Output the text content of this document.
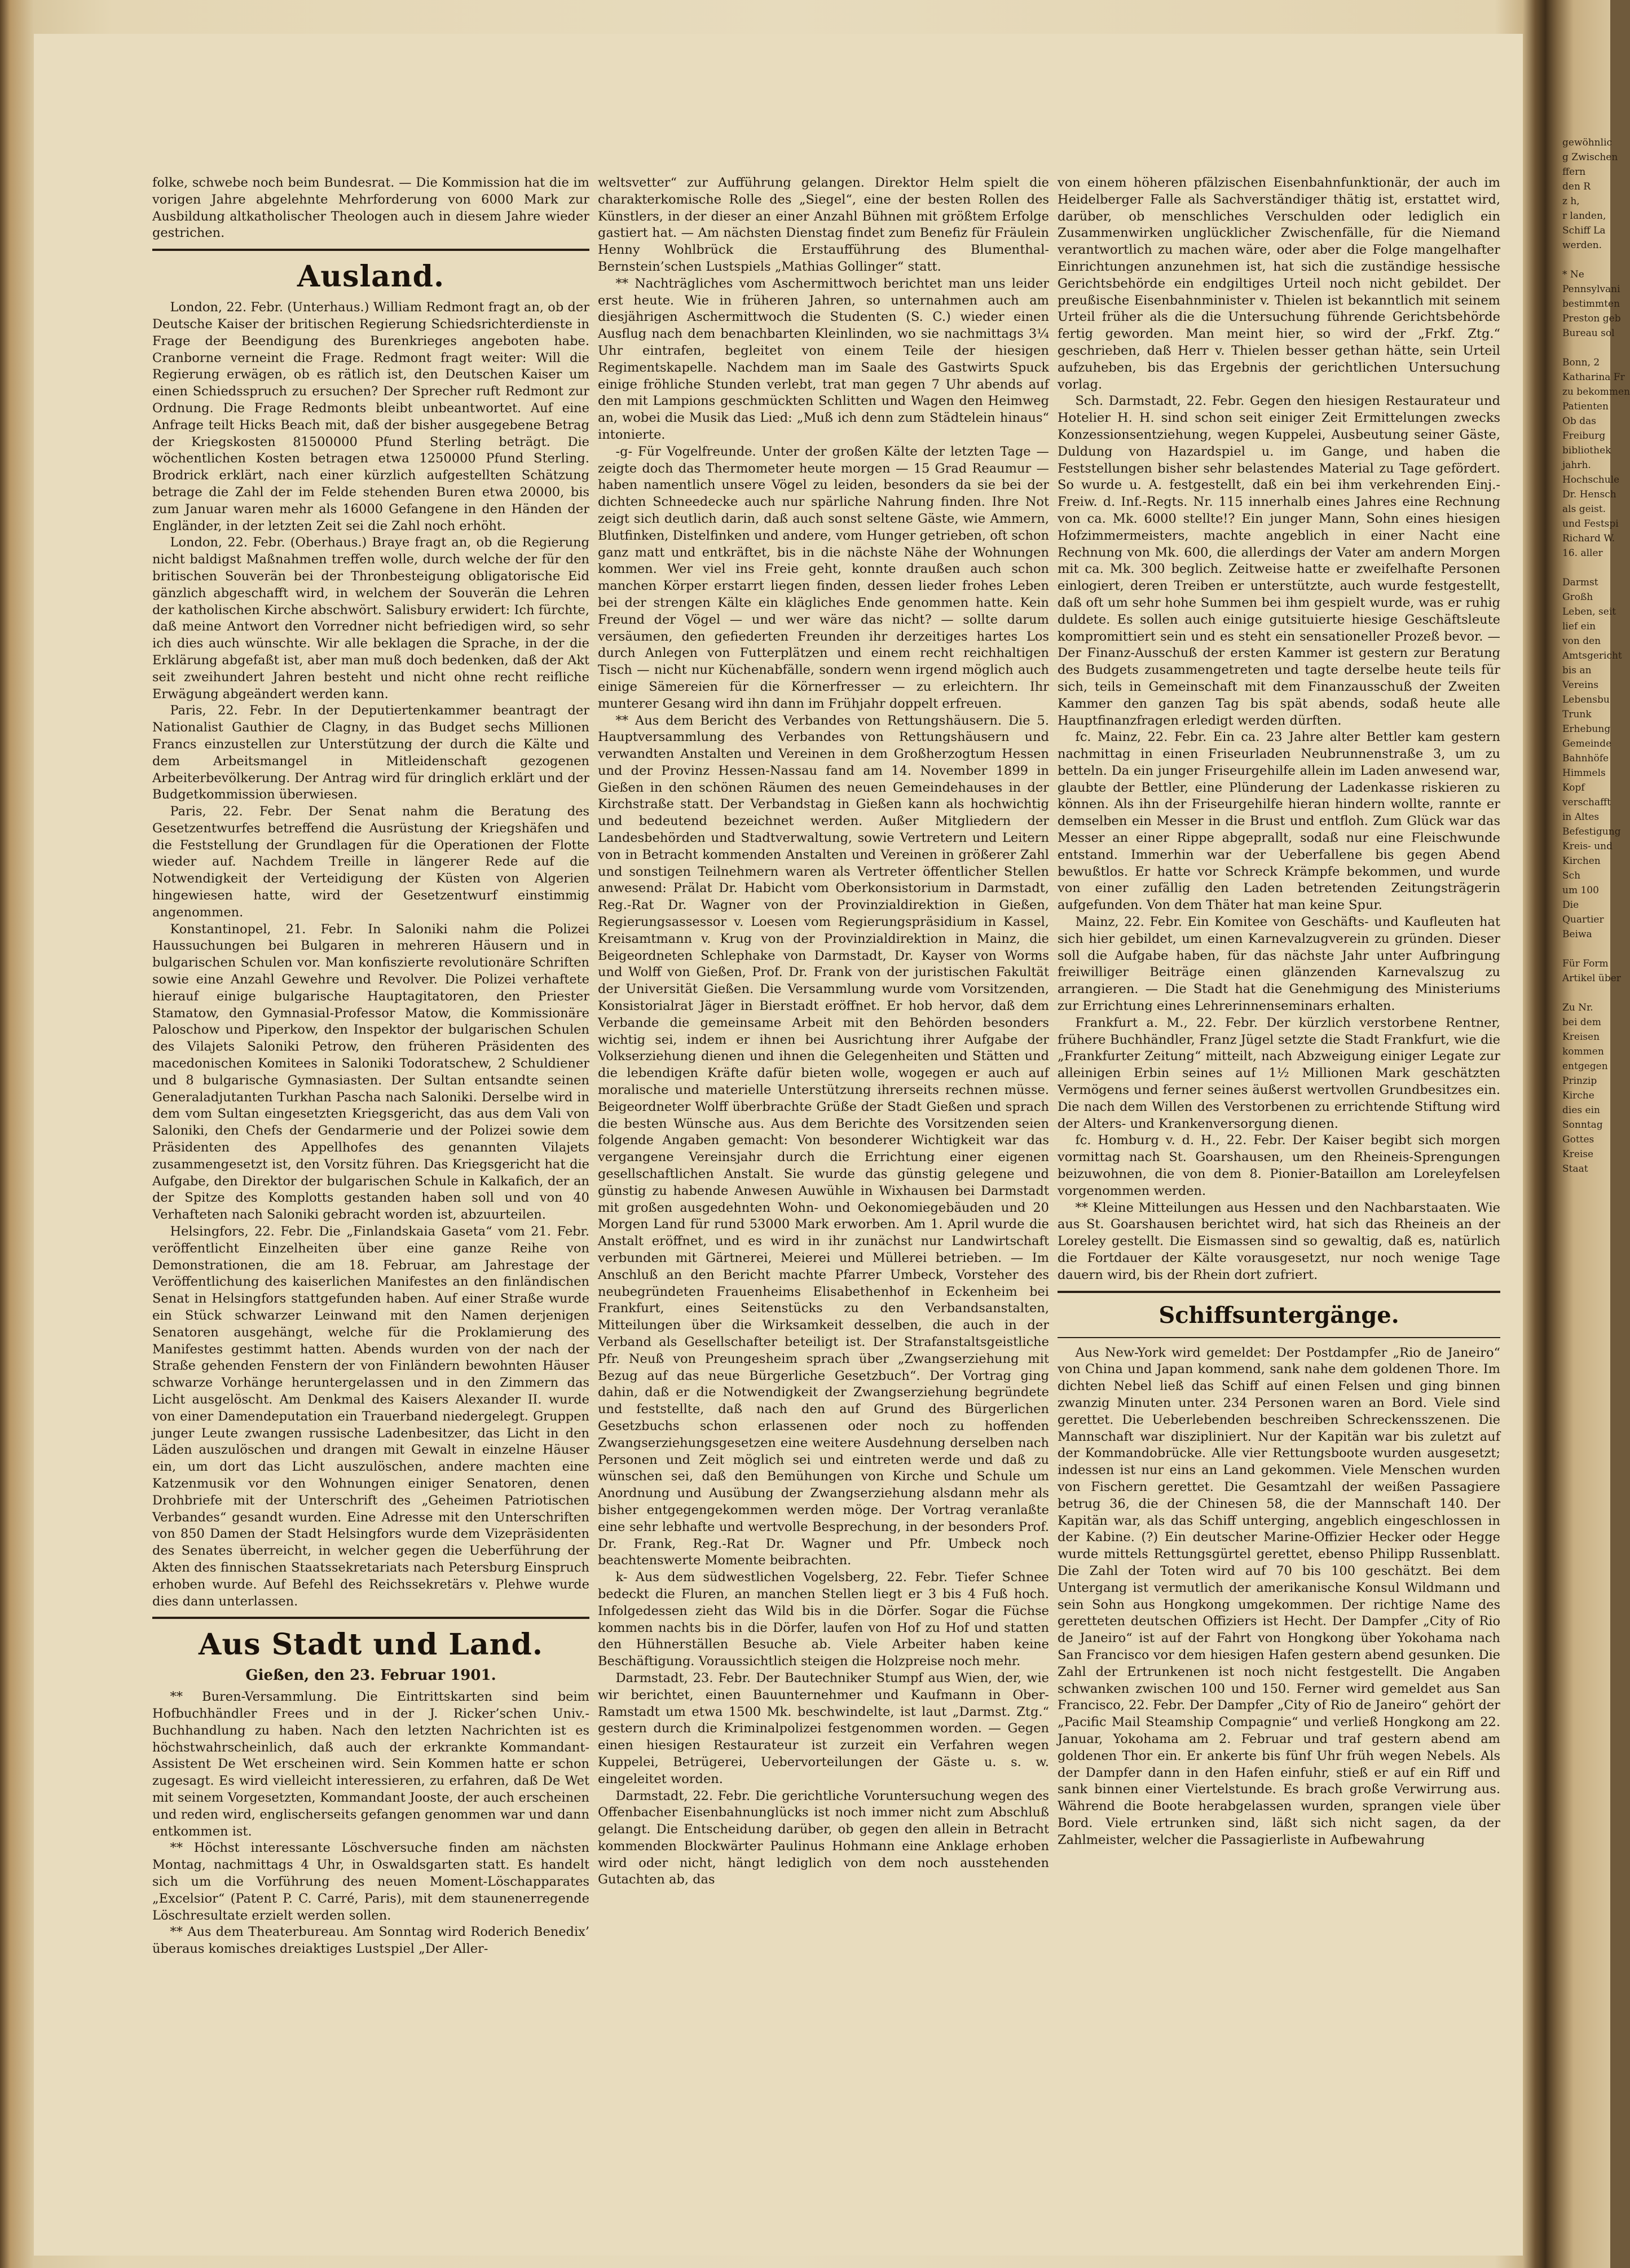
folke, schwebe noch beim Bundesrat. — Die Kommission hat die im vorigen Jahre abgelehnte Mehrforderung von 6000 Mark zur Ausbildung altkatholischer Theologen auch in diesem Jahre wieder gestrichen.

Ausland.

London, 22. Febr. (Unterhaus.) William Redmont fragt an, ob der Deutsche Kaiser der britischen Regierung Schiedsrichterdienste in Frage der Beendigung des Burenkrieges angeboten habe. Cranborne verneint die Frage. Redmont fragt weiter: Will die Regierung erwägen, ob es rätlich ist, den Deutschen Kaiser um einen Schiedsspruch zu ersuchen? Der Sprecher ruft Redmont zur Ordnung. Die Frage Redmonts bleibt unbeantwortet. Auf eine Anfrage teilt Hicks Beach mit, daß der bisher ausgegebene Betrag der Kriegskosten 81500000 Pfund Sterling beträgt. Die wöchentlichen Kosten betragen etwa 1250000 Pfund Sterling. Brodrick erklärt, nach einer kürzlich aufgestellten Schätzung betrage die Zahl der im Felde stehenden Buren etwa 20000, bis zum Januar waren mehr als 16000 Gefangene in den Händen der Engländer, in der letzten Zeit sei die Zahl noch erhöht.

London, 22. Febr. (Oberhaus.) Braye fragt an, ob die Regierung nicht baldigst Maßnahmen treffen wolle, durch welche der für den britischen Souverän bei der Thronbesteigung obligatorische Eid gänzlich abgeschafft wird, in welchem der Souverän die Lehren der katholischen Kirche abschwört. Salisbury erwidert: Ich fürchte, daß meine Antwort den Vorredner nicht befriedigen wird, so sehr ich dies auch wünschte. Wir alle beklagen die Sprache, in der die Erklärung abgefaßt ist, aber man muß doch bedenken, daß der Akt seit zweihundert Jahren besteht und nicht ohne recht reifliche Erwägung abgeändert werden kann.

Paris, 22. Febr. In der Deputiertenkammer beantragt der Nationalist Gauthier de Clagny, in das Budget sechs Millionen Francs einzustellen zur Unterstützung der durch die Kälte und dem Arbeitsmangel in Mitleidenschaft gezogenen Arbeiterbevölkerung. Der Antrag wird für dringlich erklärt und der Budgetkommission überwiesen.

Paris, 22. Febr. Der Senat nahm die Beratung des Gesetzentwurfes betreffend die Ausrüstung der Kriegshäfen und die Feststellung der Grundlagen für die Operationen der Flotte wieder auf. Nachdem Treille in längerer Rede auf die Notwendigkeit der Verteidigung der Küsten von Algerien hingewiesen hatte, wird der Gesetzentwurf einstimmig angenommen.

Konstantinopel, 21. Febr. In Saloniki nahm die Polizei Haussuchungen bei Bulgaren in mehreren Häusern und in bulgarischen Schulen vor. Man konfiszierte revolutionäre Schriften sowie eine Anzahl Gewehre und Revolver. Die Polizei verhaftete hierauf einige bulgarische Hauptagitatoren, den Priester Stamatow, den Gymnasial-Professor Matow, die Kommissionäre Paloschow und Piperkow, den Inspektor der bulgarischen Schulen des Vilajets Saloniki Petrow, den früheren Präsidenten des macedonischen Komitees in Saloniki Todoratschew, 2 Schuldiener und 8 bulgarische Gymnasiasten. Der Sultan entsandte seinen Generaladjutanten Turkhan Pascha nach Saloniki. Derselbe wird in dem vom Sultan eingesetzten Kriegsgericht, das aus dem Vali von Saloniki, den Chefs der Gendarmerie und der Polizei sowie dem Präsidenten des Appellhofes des genannten Vilajets zusammengesetzt ist, den Vorsitz führen. Das Kriegsgericht hat die Aufgabe, den Direktor der bulgarischen Schule in Kalkafich, der an der Spitze des Komplotts gestanden haben soll und von 40 Verhafteten nach Saloniki gebracht worden ist, abzuurteilen.

Helsingfors, 22. Febr. Die „Finlandskaia Gaseta“ vom 21. Febr. veröffentlicht Einzelheiten über eine ganze Reihe von Demonstrationen, die am 18. Februar, am Jahrestage der Veröffentlichung des kaiserlichen Manifestes an den finländischen Senat in Helsingfors stattgefunden haben. Auf einer Straße wurde ein Stück schwarzer Leinwand mit den Namen derjenigen Senatoren ausgehängt, welche für die Proklamierung des Manifestes gestimmt hatten. Abends wurden von der nach der Straße gehenden Fenstern der von Finländern bewohnten Häuser schwarze Vorhänge heruntergelassen und in den Zimmern das Licht ausgelöscht. Am Denkmal des Kaisers Alexander II. wurde von einer Damendeputation ein Trauerband niedergelegt. Gruppen junger Leute zwangen russische Ladenbesitzer, das Licht in den Läden auszulöschen und drangen mit Gewalt in einzelne Häuser ein, um dort das Licht auszulöschen, andere machten eine Katzenmusik vor den Wohnungen einiger Senatoren, denen Drohbriefe mit der Unterschrift des „Geheimen Patriotischen Verbandes“ gesandt wurden. Eine Adresse mit den Unterschriften von 850 Damen der Stadt Helsingfors wurde dem Vizepräsidenten des Senates überreicht, in welcher gegen die Ueberführung der Akten des finnischen Staatssekretariats nach Petersburg Einspruch erhoben wurde. Auf Befehl des Reichssekretärs v. Plehwe wurde dies dann unterlassen.

Aus Stadt und Land.
Gießen, den 23. Februar 1901.

** Buren-Versammlung. Die Eintrittskarten sind beim Hofbuchhändler Frees und in der J. Ricker’schen Univ.-Buchhandlung zu haben. Nach den letzten Nachrichten ist es höchstwahrscheinlich, daß auch der erkrankte Kommandant-Assistent De Wet erscheinen wird. Sein Kommen hatte er schon zugesagt. Es wird vielleicht interessieren, zu erfahren, daß De Wet mit seinem Vorgesetzten, Kommandant Jooste, der auch erscheinen und reden wird, englischerseits gefangen genommen war und dann entkommen ist.

** Höchst interessante Löschversuche finden am nächsten Montag, nachmittags 4 Uhr, in Oswaldsgarten statt. Es handelt sich um die Vorführung des neuen Moment-Löschapparates „Excelsior“ (Patent P. C. Carré, Paris), mit dem staunenerregende Löschresultate erzielt werden sollen.

** Aus dem Theaterbureau. Am Sonntag wird Roderich Benedix’ überaus komisches dreiaktiges Lustspiel „Der Aller-

weltsvetter“ zur Aufführung gelangen. Direktor Helm spielt die charakterkomische Rolle des „Siegel“, eine der besten Rollen des Künstlers, in der dieser an einer Anzahl Bühnen mit größtem Erfolge gastiert hat. — Am nächsten Dienstag findet zum Benefiz für Fräulein Henny Wohlbrück die Erstaufführung des Blumenthal-Bernstein’schen Lustspiels „Mathias Gollinger“ statt.

** Nachträgliches vom Aschermittwoch berichtet man uns leider erst heute. Wie in früheren Jahren, so unternahmen auch am diesjährigen Aschermittwoch die Studenten (S. C.) wieder einen Ausflug nach dem benachbarten Kleinlinden, wo sie nachmittags 3¼ Uhr eintrafen, begleitet von einem Teile der hiesigen Regimentskapelle. Nachdem man im Saale des Gastwirts Spuck einige fröhliche Stunden verlebt, trat man gegen 7 Uhr abends auf den mit Lampions geschmückten Schlitten und Wagen den Heimweg an, wobei die Musik das Lied: „Muß ich denn zum Städtelein hinaus“ intonierte.

-g- Für Vogelfreunde. Unter der großen Kälte der letzten Tage — zeigte doch das Thermometer heute morgen — 15 Grad Reaumur — haben namentlich unsere Vögel zu leiden, besonders da sie bei der dichten Schneedecke auch nur spärliche Nahrung finden. Ihre Not zeigt sich deutlich darin, daß auch sonst seltene Gäste, wie Ammern, Blutfinken, Distelfinken und andere, vom Hunger getrieben, oft schon ganz matt und entkräftet, bis in die nächste Nähe der Wohnungen kommen. Wer viel ins Freie geht, konnte draußen auch schon manchen Körper erstarrt liegen finden, dessen lieder frohes Leben bei der strengen Kälte ein klägliches Ende genommen hatte. Kein Freund der Vögel — und wer wäre das nicht? — sollte darum versäumen, den gefiederten Freunden ihr derzeitiges hartes Los durch Anlegen von Futterplätzen und einem recht reichhaltigen Tisch — nicht nur Küchenabfälle, sondern wenn irgend möglich auch einige Sämereien für die Körnerfresser — zu erleichtern. Ihr munterer Gesang wird ihn dann im Frühjahr doppelt erfreuen.

** Aus dem Bericht des Verbandes von Rettungshäusern. Die 5. Hauptversammlung des Verbandes von Rettungshäusern und verwandten Anstalten und Vereinen in dem Großherzogtum Hessen und der Provinz Hessen-Nassau fand am 14. November 1899 in Gießen in den schönen Räumen des neuen Gemeindehauses in der Kirchstraße statt. Der Verbandstag in Gießen kann als hochwichtig und bedeutend bezeichnet werden. Außer Mitgliedern der Landesbehörden und Stadtverwaltung, sowie Vertretern und Leitern von in Betracht kommenden Anstalten und Vereinen in größerer Zahl und sonstigen Teilnehmern waren als Vertreter öffentlicher Stellen anwesend: Prälat Dr. Habicht vom Oberkonsistorium in Darmstadt, Reg.-Rat Dr. Wagner von der Provinzialdirektion in Gießen, Regierungsassessor v. Loesen vom Regierungspräsidium in Kassel, Kreisamtmann v. Krug von der Provinzialdirektion in Mainz, die Beigeordneten Schlephake von Darmstadt, Dr. Kayser von Worms und Wolff von Gießen, Prof. Dr. Frank von der juristischen Fakultät der Universität Gießen. Die Versammlung wurde vom Vorsitzenden, Konsistorialrat Jäger in Bierstadt eröffnet. Er hob hervor, daß dem Verbande die gemeinsame Arbeit mit den Behörden besonders wichtig sei, indem er ihnen bei Ausrichtung ihrer Aufgabe der Volkserziehung dienen und ihnen die Gelegenheiten und Stätten und die lebendigen Kräfte dafür bieten wolle, wogegen er auch auf moralische und materielle Unterstützung ihrerseits rechnen müsse. Beigeordneter Wolff überbrachte Grüße der Stadt Gießen und sprach die besten Wünsche aus. Aus dem Berichte des Vorsitzenden seien folgende Angaben gemacht: Von besonderer Wichtigkeit war das vergangene Vereinsjahr durch die Errichtung einer eigenen gesellschaftlichen Anstalt. Sie wurde das günstig gelegene und günstig zu habende Anwesen Auwühle in Wixhausen bei Darmstadt mit großen ausgedehnten Wohn- und Oekonomiegebäuden und 20 Morgen Land für rund 53000 Mark erworben. Am 1. April wurde die Anstalt eröffnet, und es wird in ihr zunächst nur Landwirtschaft verbunden mit Gärtnerei, Meierei und Müllerei betrieben. — Im Anschluß an den Bericht machte Pfarrer Umbeck, Vorsteher des neubegründeten Frauenheims Elisabethenhof in Eckenheim bei Frankfurt, eines Seitenstücks zu den Verbandsanstalten, Mitteilungen über die Wirksamkeit desselben, die auch in der Verband als Gesellschafter beteiligt ist. Der Strafanstaltsgeistliche Pfr. Neuß von Preungesheim sprach über „Zwangserziehung mit Bezug auf das neue Bürgerliche Gesetzbuch“. Der Vortrag ging dahin, daß er die Notwendigkeit der Zwangserziehung begründete und feststellte, daß nach den auf Grund des Bürgerlichen Gesetzbuchs schon erlassenen oder noch zu hoffenden Zwangserziehungsgesetzen eine weitere Ausdehnung derselben nach Personen und Zeit möglich sei und eintreten werde und daß zu wünschen sei, daß den Bemühungen von Kirche und Schule um Anordnung und Ausübung der Zwangserziehung alsdann mehr als bisher entgegengekommen werden möge. Der Vortrag veranlaßte eine sehr lebhafte und wertvolle Besprechung, in der besonders Prof. Dr. Frank, Reg.-Rat Dr. Wagner und Pfr. Umbeck noch beachtenswerte Momente beibrachten.

k- Aus dem südwestlichen Vogelsberg, 22. Febr. Tiefer Schnee bedeckt die Fluren, an manchen Stellen liegt er 3 bis 4 Fuß hoch. Infolgedessen zieht das Wild bis in die Dörfer. Sogar die Füchse kommen nachts bis in die Dörfer, laufen von Hof zu Hof und statten den Hühnerställen Besuche ab. Viele Arbeiter haben keine Beschäftigung. Voraussichtlich steigen die Holzpreise noch mehr.

Darmstadt, 23. Febr. Der Bautechniker Stumpf aus Wien, der, wie wir berichtet, einen Bauunternehmer und Kaufmann in Ober-Ramstadt um etwa 1500 Mk. beschwindelte, ist laut „Darmst. Ztg.“ gestern durch die Kriminalpolizei festgenommen worden. — Gegen einen hiesigen Restaurateur ist zurzeit ein Verfahren wegen Kuppelei, Betrügerei, Uebervorteilungen der Gäste u. s. w. eingeleitet worden.

Darmstadt, 22. Febr. Die gerichtliche Voruntersuchung wegen des Offenbacher Eisenbahnunglücks ist noch immer nicht zum Abschluß gelangt. Die Entscheidung darüber, ob gegen den allein in Betracht kommenden Blockwärter Paulinus Hohmann eine Anklage erhoben wird oder nicht, hängt lediglich von dem noch ausstehenden Gutachten ab, das

von einem höheren pfälzischen Eisenbahnfunktionär, der auch im Heidelberger Falle als Sachverständiger thätig ist, erstattet wird, darüber, ob menschliches Verschulden oder lediglich ein Zusammenwirken unglücklicher Zwischenfälle, für die Niemand verantwortlich zu machen wäre, oder aber die Folge mangelhafter Einrichtungen anzunehmen ist, hat sich die zuständige hessische Gerichtsbehörde ein endgiltiges Urteil noch nicht gebildet. Der preußische Eisenbahnminister v. Thielen ist bekanntlich mit seinem Urteil früher als die die Untersuchung führende Gerichtsbehörde fertig geworden. Man meint hier, so wird der „Frkf. Ztg.“ geschrieben, daß Herr v. Thielen besser gethan hätte, sein Urteil aufzuheben, bis das Ergebnis der gerichtlichen Untersuchung vorlag.

Sch. Darmstadt, 22. Febr. Gegen den hiesigen Restaurateur und Hotelier H. H. sind schon seit einiger Zeit Ermittelungen zwecks Konzessionsentziehung, wegen Kuppelei, Ausbeutung seiner Gäste, Duldung von Hazardspiel u. im Gange, und haben die Feststellungen bisher sehr belastendes Material zu Tage gefördert. So wurde u. A. festgestellt, daß ein bei ihm verkehrenden Einj.-Freiw. d. Inf.-Regts. Nr. 115 innerhalb eines Jahres eine Rechnung von ca. Mk. 6000 stellte!? Ein junger Mann, Sohn eines hiesigen Hofzimmermeisters, machte angeblich in einer Nacht eine Rechnung von Mk. 600, die allerdings der Vater am andern Morgen mit ca. Mk. 300 beglich. Zeitweise hatte er zweifelhafte Personen einlogiert, deren Treiben er unterstützte, auch wurde festgestellt, daß oft um sehr hohe Summen bei ihm gespielt wurde, was er ruhig duldete. Es sollen auch einige gutsituierte hiesige Geschäftsleute kompromittiert sein und es steht ein sensationeller Prozeß bevor. — Der Finanz-Ausschuß der ersten Kammer ist gestern zur Beratung des Budgets zusammengetreten und tagte derselbe heute teils für sich, teils in Gemeinschaft mit dem Finanzausschuß der Zweiten Kammer den ganzen Tag bis spät abends, sodaß heute alle Hauptfinanzfragen erledigt werden dürften.

fc. Mainz, 22. Febr. Ein ca. 23 Jahre alter Bettler kam gestern nachmittag in einen Friseurladen Neubrunnenstraße 3, um zu betteln. Da ein junger Friseurgehilfe allein im Laden anwesend war, glaubte der Bettler, eine Plünderung der Ladenkasse riskieren zu können. Als ihn der Friseurgehilfe hieran hindern wollte, rannte er demselben ein Messer in die Brust und entfloh. Zum Glück war das Messer an einer Rippe abgeprallt, sodaß nur eine Fleischwunde entstand. Immerhin war der Ueberfallene bis gegen Abend bewußtlos. Er hatte vor Schreck Krämpfe bekommen, und wurde von einer zufällig den Laden betretenden Zeitungsträgerin aufgefunden. Von dem Thäter hat man keine Spur.

Mainz, 22. Febr. Ein Komitee von Geschäfts- und Kaufleuten hat sich hier gebildet, um einen Karnevalzugverein zu gründen. Dieser soll die Aufgabe haben, für das nächste Jahr unter Aufbringung freiwilliger Beiträge einen glänzenden Karnevalszug zu arrangieren. — Die Stadt hat die Genehmigung des Ministeriums zur Errichtung eines Lehrerinnenseminars erhalten.

Frankfurt a. M., 22. Febr. Der kürzlich verstorbene Rentner, frühere Buchhändler, Franz Jügel setzte die Stadt Frankfurt, wie die „Frankfurter Zeitung“ mitteilt, nach Abzweigung einiger Legate zur alleinigen Erbin seines auf 1½ Millionen Mark geschätzten Vermögens und ferner seines äußerst wertvollen Grundbesitzes ein. Die nach dem Willen des Verstorbenen zu errichtende Stiftung wird der Alters- und Krankenversorgung dienen.

fc. Homburg v. d. H., 22. Febr. Der Kaiser begibt sich morgen vormittag nach St. Goarshausen, um den Rheineis-Sprengungen beizuwohnen, die von dem 8. Pionier-Bataillon am Loreleyfelsen vorgenommen werden.

** Kleine Mitteilungen aus Hessen und den Nachbarstaaten. Wie aus St. Goarshausen berichtet wird, hat sich das Rheineis an der Loreley gestellt. Die Eismassen sind so gewaltig, daß es, natürlich die Fortdauer der Kälte vorausgesetzt, nur noch wenige Tage dauern wird, bis der Rhein dort zufriert.

Schiffsuntergänge.

Aus New-York wird gemeldet: Der Postdampfer „Rio de Janeiro“ von China und Japan kommend, sank nahe dem goldenen Thore. Im dichten Nebel ließ das Schiff auf einen Felsen und ging binnen zwanzig Minuten unter. 234 Personen waren an Bord. Viele sind gerettet. Die Ueberlebenden beschreiben Schreckensszenen. Die Mannschaft war diszipliniert. Nur der Kapitän war bis zuletzt auf der Kommandobrücke. Alle vier Rettungsboote wurden ausgesetzt; indessen ist nur eins an Land gekommen. Viele Menschen wurden von Fischern gerettet. Die Gesamtzahl der weißen Passagiere betrug 36, die der Chinesen 58, die der Mannschaft 140. Der Kapitän war, als das Schiff unterging, angeblich eingeschlossen in der Kabine. (?) Ein deutscher Marine-Offizier Hecker oder Hegge wurde mittels Rettungsgürtel gerettet, ebenso Philipp Russenblatt. Die Zahl der Toten wird auf 70 bis 100 geschätzt. Bei dem Untergang ist vermutlich der amerikanische Konsul Wildmann und sein Sohn aus Hongkong umgekommen. Der richtige Name des geretteten deutschen Offiziers ist Hecht. Der Dampfer „City of Rio de Janeiro“ ist auf der Fahrt von Hongkong über Yokohama nach San Francisco vor dem hiesigen Hafen gestern abend gesunken. Die Zahl der Ertrunkenen ist noch nicht festgestellt. Die Angaben schwanken zwischen 100 und 150. Ferner wird gemeldet aus San Francisco, 22. Febr. Der Dampfer „City of Rio de Janeiro“ gehört der „Pacific Mail Steamship Compagnie“ und verließ Hongkong am 22. Januar, Yokohama am 2. Februar und traf gestern abend am goldenen Thor ein. Er ankerte bis fünf Uhr früh wegen Nebels. Als der Dampfer dann in den Hafen einfuhr, stieß er auf ein Riff und sank binnen einer Viertelstunde. Es brach große Verwirrung aus. Während die Boote herabgelassen wurden, sprangen viele über Bord. Viele ertrunken sind, läßt sich nicht sagen, da der Zahlmeister, welcher die Passagierliste in Aufbewahrung

gewöhnlic
g Zwischen
ffern
den R
z h,
r landen,
Schiff La
werden.

* Ne
Pennsylvani
bestimmten
Preston geb
Bureau sol

Bonn, 2
Katharina Fr
zu bekommen
Patienten
Ob das
Freiburg
bibliothek
jahrh.
Hochschule
Dr. Hensch
als geist.
und Festspi
Richard W.
16. aller

Darmst
Großh
Leben, seit
lief ein
von den
Amtsgericht
bis an
Vereins
Lebensbu
Trunk
Erhebung
Gemeinde
Bahnhöfe
Himmels
Kopf
verschafft
in Altes
Befestigung
Kreis- und
Kirchen
Sch
um 100
Die
Quartier
Beiwa

Für Form
Artikel über

Zu Nr.
bei dem
Kreisen
kommen
entgegen
Prinzip
Kirche
dies ein
Sonntag
Gottes
Kreise
Staat
